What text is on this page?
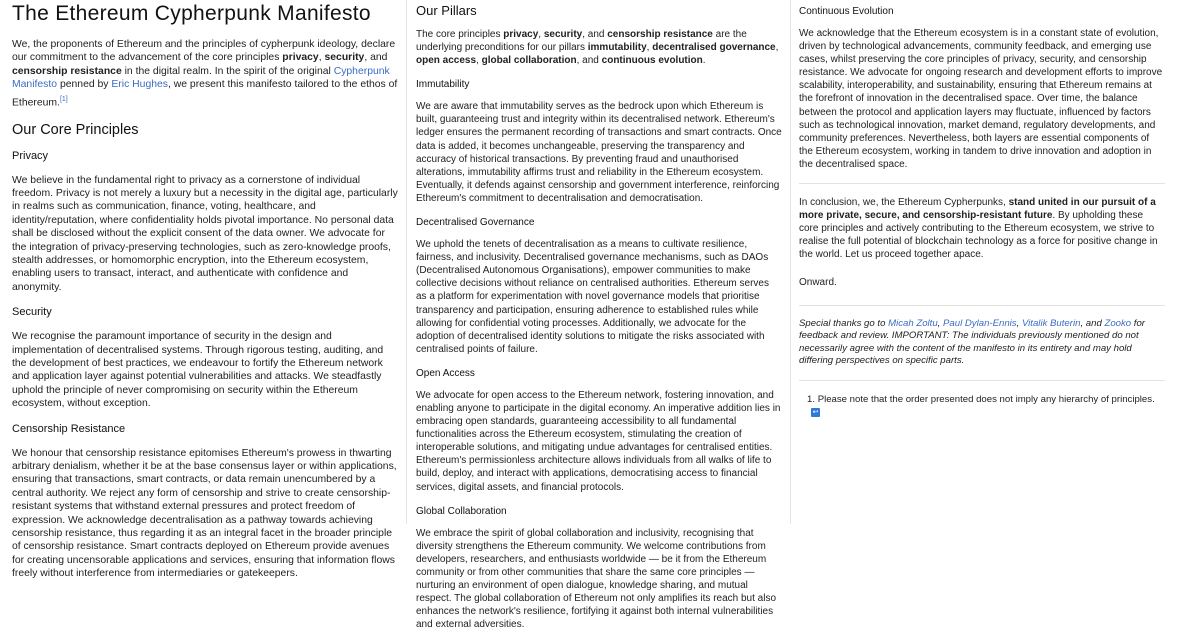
The Ethereum Cypherpunk Manifesto

We, the proponents of Ethereum and the principles of cypherpunk ideology, declare our commitment to the advancement of the core principles privacy, security, and censorship resistance in the digital realm. In the spirit of the original Cypherpunk Manifesto penned by Eric Hughes, we present this manifesto tailored to the ethos of Ethereum.[1]

Our Core Principles
Privacy

We believe in the fundamental right to privacy as a cornerstone of individual freedom. Privacy is not merely a luxury but a necessity in the digital age, particularly in realms such as communication, finance, voting, healthcare, and identity/reputation, where confidentiality holds pivotal importance. No personal data shall be disclosed without the explicit consent of the data owner. We advocate for the integration of privacy-preserving technologies, such as zero-knowledge proofs, stealth addresses, or homomorphic encryption, into the Ethereum ecosystem, enabling users to transact, interact, and authenticate with confidence and anonymity.

Security

We recognise the paramount importance of security in the design and implementation of decentralised systems. Through rigorous testing, auditing, and the development of best practices, we endeavour to fortify the Ethereum network and application layer against potential vulnerabilities and attacks. We steadfastly uphold the principle of never compromising on security within the Ethereum ecosystem, without exception.

Censorship Resistance

We honour that censorship resistance epitomises Ethereum's prowess in thwarting arbitrary denialism, whether it be at the base consensus layer or within applications, ensuring that transactions, smart contracts, or data remain unencumbered by a central authority. We reject any form of censorship and strive to create censorship-resistant systems that withstand external pressures and protect freedom of expression. We acknowledge decentralisation as a pathway towards achieving censorship resistance, thus regarding it as an integral facet in the broader principle of censorship resistance. Smart contracts deployed on Ethereum provide avenues for creating uncensorable applications and services, ensuring that information flows freely without interference from intermediaries or gatekeepers.

Our Pillars

The core principles privacy, security, and censorship resistance are the underlying preconditions for our pillars immutability, decentralised governance, open access, global collaboration, and continuous evolution.

Immutability

We are aware that immutability serves as the bedrock upon which Ethereum is built, guaranteeing trust and integrity within its decentralised network. Ethereum's ledger ensures the permanent recording of transactions and smart contracts. Once data is added, it becomes unchangeable, preserving the transparency and accuracy of historical transactions. By preventing fraud and unauthorised alterations, immutability affirms trust and reliability in the Ethereum ecosystem. Eventually, it defends against censorship and government interference, reinforcing Ethereum's commitment to decentralisation and democratisation.

Decentralised Governance

We uphold the tenets of decentralisation as a means to cultivate resilience, fairness, and inclusivity. Decentralised governance mechanisms, such as DAOs (Decentralised Autonomous Organisations), empower communities to make collective decisions without reliance on centralised authorities. Ethereum serves as a platform for experimentation with novel governance models that prioritise transparency and participation, ensuring adherence to established rules while allowing for confidential voting processes. Additionally, we advocate for the adoption of decentralised identity solutions to mitigate the risks associated with centralised points of failure.

Open Access

We advocate for open access to the Ethereum network, fostering innovation, and enabling anyone to participate in the digital economy. An imperative addition lies in embracing open standards, guaranteeing accessibility to all fundamental functionalities across the Ethereum ecosystem, stimulating the creation of interoperable solutions, and mitigating undue advantages for centralised entities. Ethereum's permissionless architecture allows individuals from all walks of life to build, deploy, and interact with applications, democratising access to financial services, digital assets, and financial protocols.

Global Collaboration

We embrace the spirit of global collaboration and inclusivity, recognising that diversity strengthens the Ethereum community. We welcome contributions from developers, researchers, and enthusiasts worldwide — be it from the Ethereum community or from other communities that share the same core principles — nurturing an environment of open dialogue, knowledge sharing, and mutual respect. The global collaboration of Ethereum not only amplifies its reach but also enhances the network's resilience, fortifying it against both internal vulnerabilities and external adversities.

Continuous Evolution

We acknowledge that the Ethereum ecosystem is in a constant state of evolution, driven by technological advancements, community feedback, and emerging use cases, whilst preserving the core principles of privacy, security, and censorship resistance. We advocate for ongoing research and development efforts to improve scalability, interoperability, and sustainability, ensuring that Ethereum remains at the forefront of innovation in the decentralised space. Over time, the balance between the protocol and application layers may fluctuate, influenced by factors such as technological innovation, market demand, regulatory developments, and community preferences. Nevertheless, both layers are essential components of the Ethereum ecosystem, working in tandem to drive innovation and adoption in the decentralised space.

In conclusion, we, the Ethereum Cypherpunks, stand united in our pursuit of a more private, secure, and censorship-resistant future. By upholding these core principles and actively contributing to the Ethereum ecosystem, we strive to realise the full potential of blockchain technology as a force for positive change in the world. Let us proceed together apace.

Onward.

Special thanks go to Micah Zoltu, Paul Dylan-Ennis, Vitalik Buterin, and Zooko for feedback and review. IMPORTANT: The individuals previously mentioned do not necessarily agree with the content of the manifesto in its entirety and may hold differing perspectives on specific parts.

1. Please note that the order presented does not imply any hierarchy of principles.↩
